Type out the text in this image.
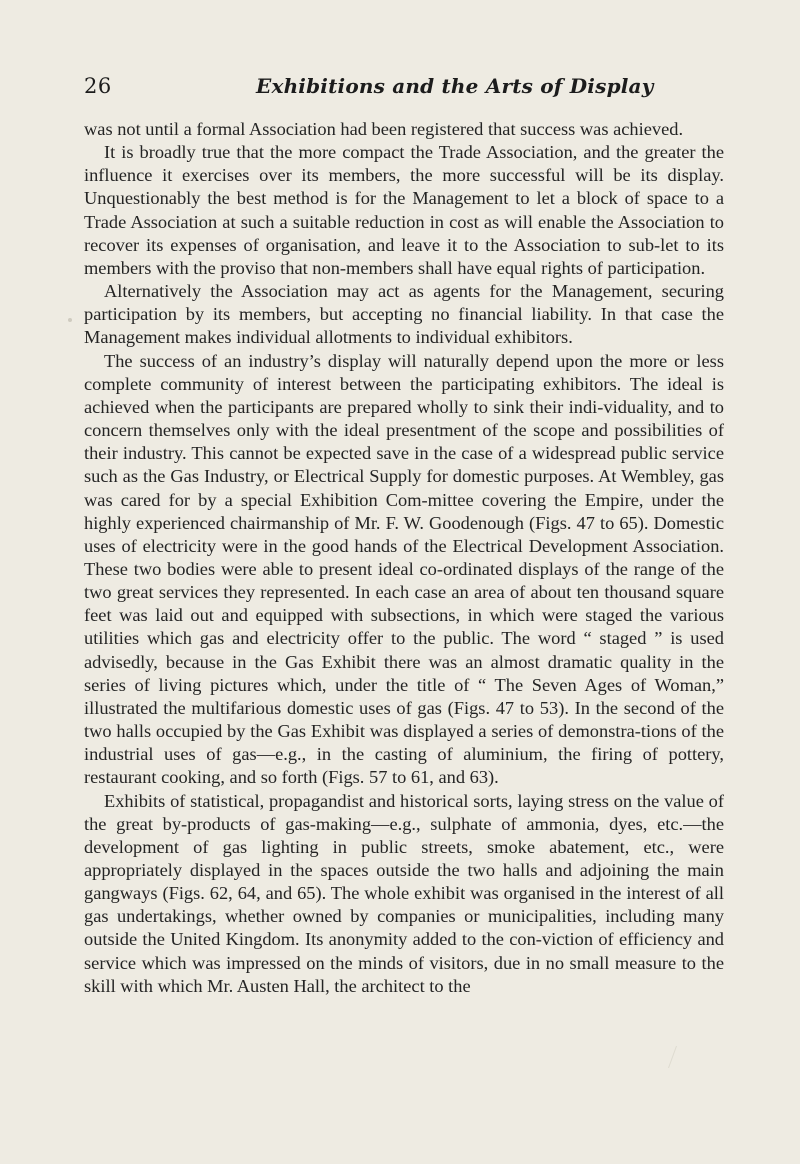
26	Exhibitions and the Arts of Display

was not until a formal Association had been registered that success was achieved.

It is broadly true that the more compact the Trade Association, and the greater the influence it exercises over its members, the more successful will be its display. Unquestionably the best method is for the Management to let a block of space to a Trade Association at such a suitable reduction in cost as will enable the Association to recover its expenses of organisation, and leave it to the Association to sub-let to its members with the proviso that non-members shall have equal rights of participation.

Alternatively the Association may act as agents for the Management, securing participation by its members, but accepting no financial liability. In that case the Management makes individual allotments to individual exhibitors.

The success of an industry’s display will naturally depend upon the more or less complete community of interest between the participating exhibitors. The ideal is achieved when the participants are prepared wholly to sink their indi-viduality, and to concern themselves only with the ideal presentment of the scope and possibilities of their industry. This cannot be expected save in the case of a widespread public service such as the Gas Industry, or Electrical Supply for domestic purposes. At Wembley, gas was cared for by a special Exhibition Com-mittee covering the Empire, under the highly experienced chairmanship of Mr. F. W. Goodenough (Figs. 47 to 65). Domestic uses of electricity were in the good hands of the Electrical Development Association. These two bodies were able to present ideal co-ordinated displays of the range of the two great services they represented. In each case an area of about ten thousand square feet was laid out and equipped with subsections, in which were staged the various utilities which gas and electricity offer to the public. The word “ staged ” is used advisedly, because in the Gas Exhibit there was an almost dramatic quality in the series of living pictures which, under the title of “ The Seven Ages of Woman,” illustrated the multifarious domestic uses of gas (Figs. 47 to 53). In the second of the two halls occupied by the Gas Exhibit was displayed a series of demonstra-tions of the industrial uses of gas—e.g., in the casting of aluminium, the firing of pottery, restaurant cooking, and so forth (Figs. 57 to 61, and 63).

Exhibits of statistical, propagandist and historical sorts, laying stress on the value of the great by-products of gas-making—e.g., sulphate of ammonia, dyes, etc.—the development of gas lighting in public streets, smoke abatement, etc., were appropriately displayed in the spaces outside the two halls and adjoining the main gangways (Figs. 62, 64, and 65). The whole exhibit was organised in the interest of all gas undertakings, whether owned by companies or municipalities, including many outside the United Kingdom. Its anonymity added to the con-viction of efficiency and service which was impressed on the minds of visitors, due in no small measure to the skill with which Mr. Austen Hall, the architect to the
